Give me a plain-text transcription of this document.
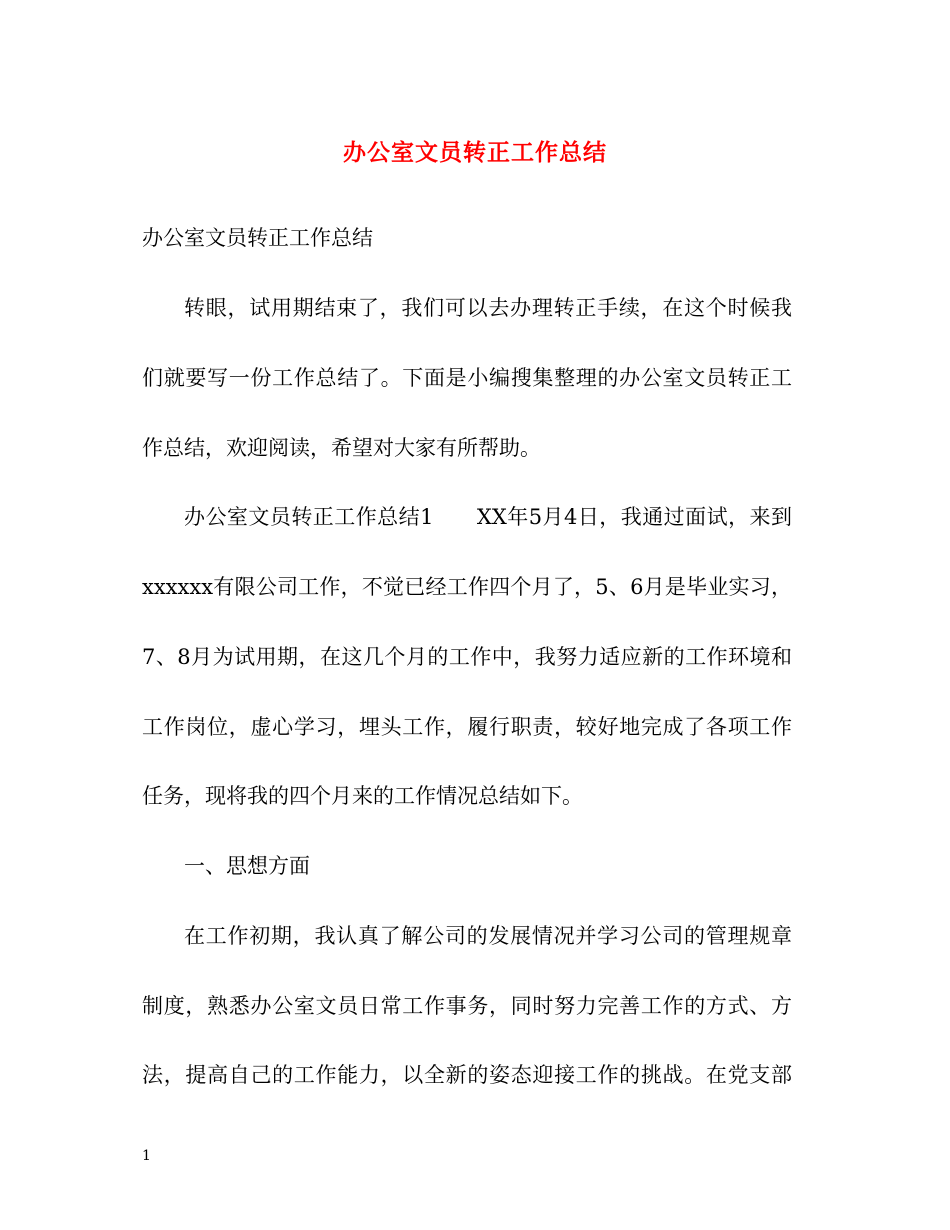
办公室文员转正工作总结
办公室文员转正工作总结
转眼，试用期结束了，我们可以去办理转正手续，在这个时候我
们就要写一份工作总结了。下面是小编搜集整理的办公室文员转正工
作总结，欢迎阅读，希望对大家有所帮助。
办公室文员转正工作总结1　　XX年5月4日，我通过面试，来到
xxxxxx有限公司工作，不觉已经工作四个月了，5、6月是毕业实习，
7、8月为试用期，在这几个月的工作中，我努力适应新的工作环境和
工作岗位，虚心学习，埋头工作，履行职责，较好地完成了各项工作
任务，现将我的四个月来的工作情况总结如下。
一、思想方面
在工作初期，我认真了解公司的发展情况并学习公司的管理规章
制度，熟悉办公室文员日常工作事务，同时努力完善工作的方式、方
法，提高自己的工作能力，以全新的姿态迎接工作的挑战。在党支部
1
